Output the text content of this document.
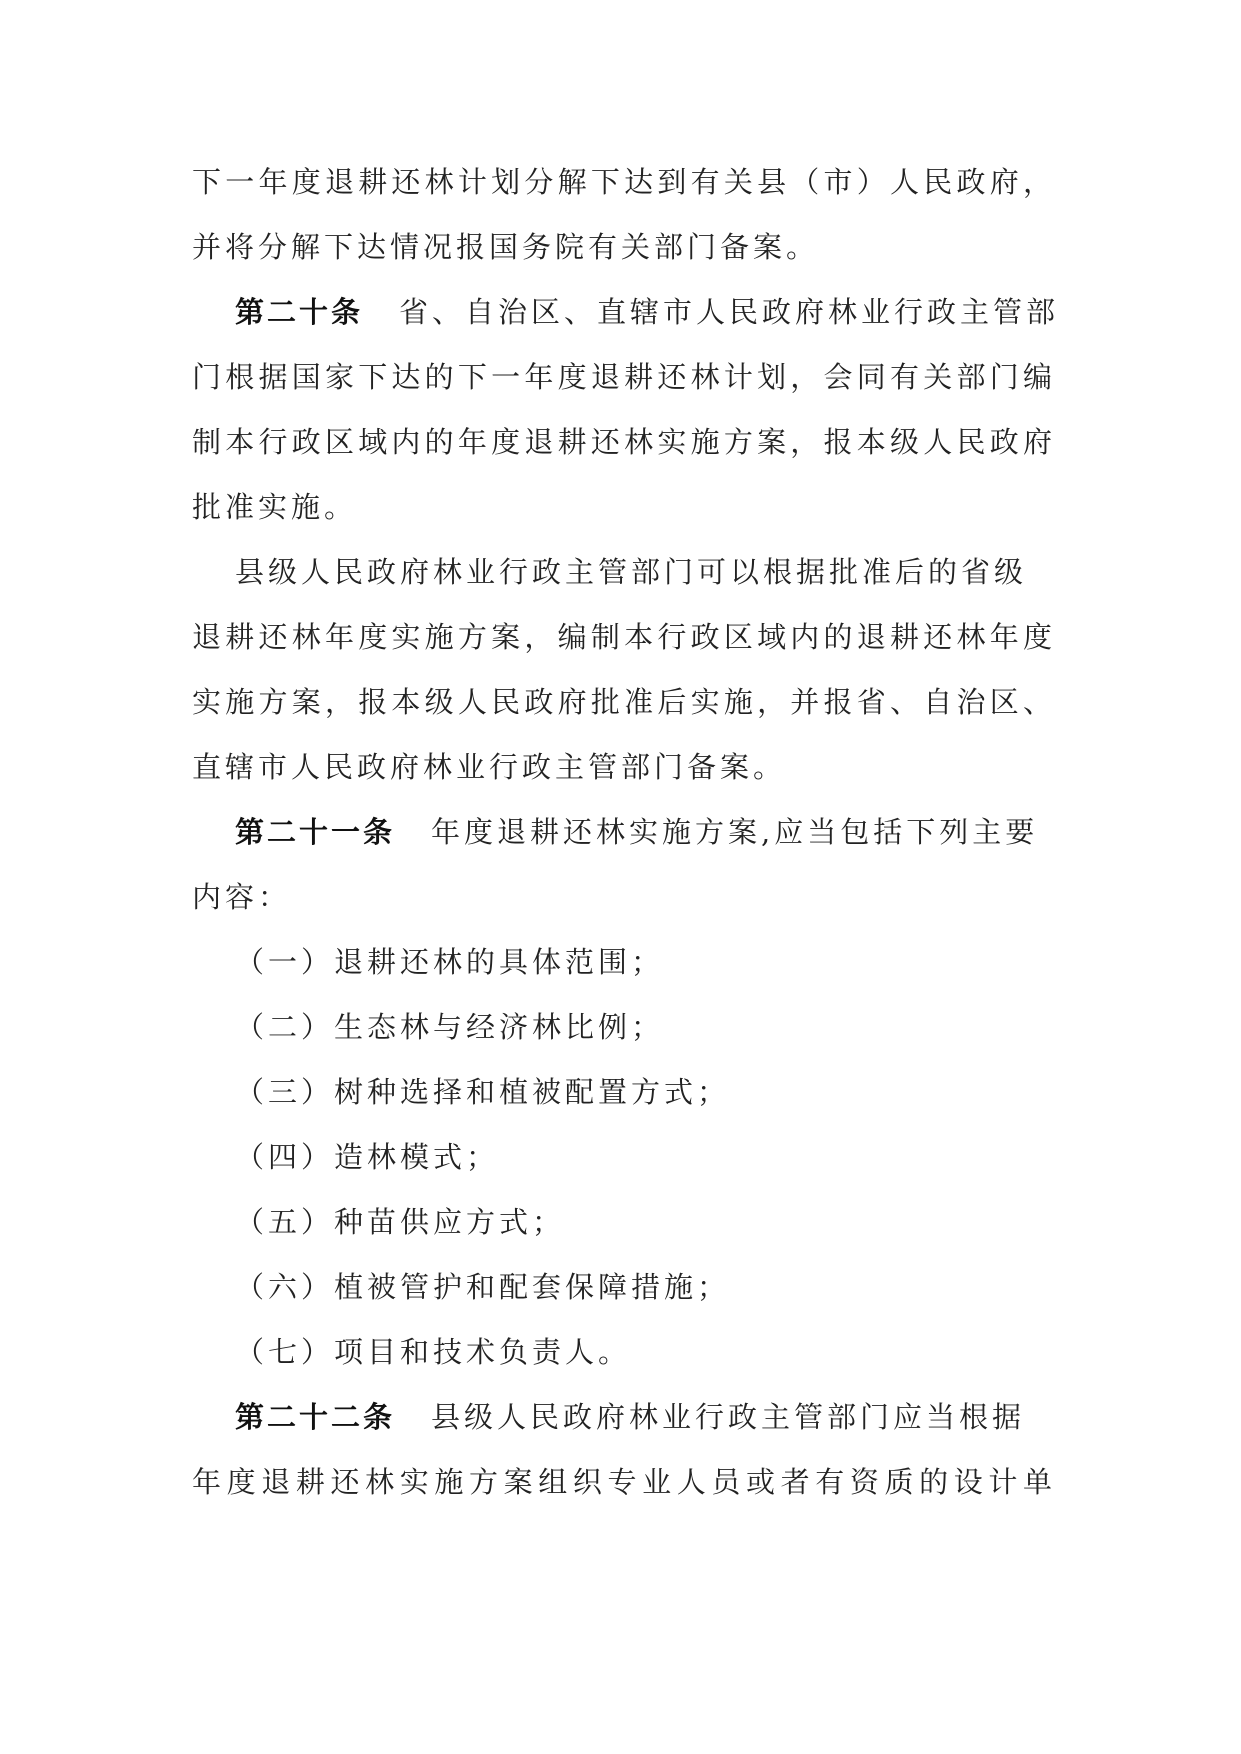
下一年度退耕还林计划分解下达到有关县（市）人民政府，
并将分解下达情况报国务院有关部门备案。
第二十条 省、自治区、直辖市人民政府林业行政主管部
门根据国家下达的下一年度退耕还林计划，会同有关部门编
制本行政区域内的年度退耕还林实施方案，报本级人民政府
批准实施。
县级人民政府林业行政主管部门可以根据批准后的省级
退耕还林年度实施方案，编制本行政区域内的退耕还林年度
实施方案，报本级人民政府批准后实施，并报省、自治区、
直辖市人民政府林业行政主管部门备案。
第二十一条 年度退耕还林实施方案,应当包括下列主要
内容：
（一）退耕还林的具体范围；
（二）生态林与经济林比例；
（三）树种选择和植被配置方式；
（四）造林模式；
（五）种苗供应方式；
（六）植被管护和配套保障措施；
（七）项目和技术负责人。
第二十二条 县级人民政府林业行政主管部门应当根据
年度退耕还林实施方案组织专业人员或者有资质的设计单
